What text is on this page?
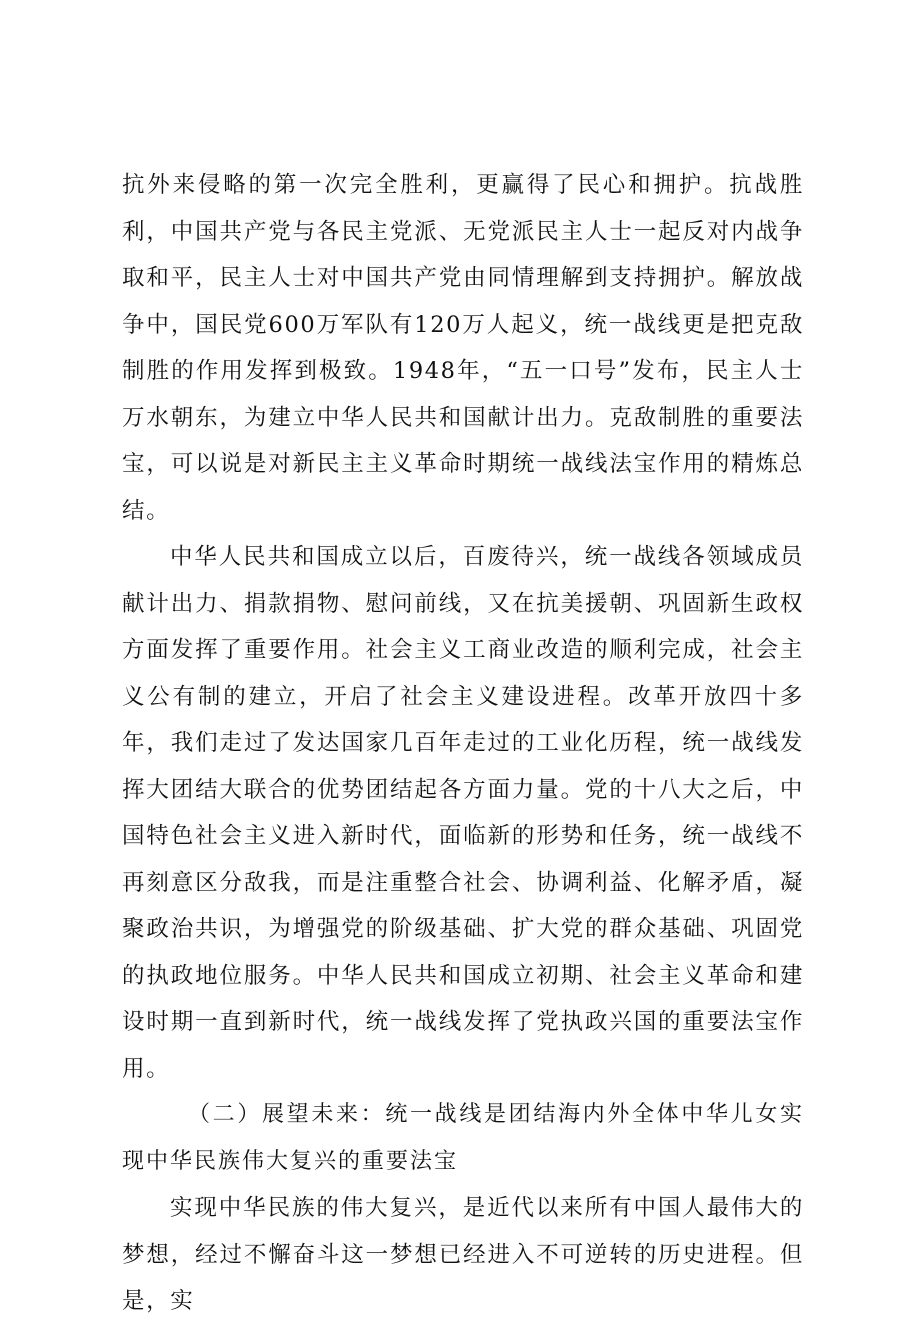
抗外来侵略的第一次完全胜利，更赢得了民心和拥护。抗战胜利，中国共产党与各民主党派、无党派民主人士一起反对内战争取和平，民主人士对中国共产党由同情理解到支持拥护。解放战争中，国民党600万军队有120万人起义，统一战线更是把克敌制胜的作用发挥到极致。1948年，“五一口号”发布，民主人士万水朝东，为建立中华人民共和国献计出力。克敌制胜的重要法宝，可以说是对新民主主义革命时期统一战线法宝作用的精炼总结。

中华人民共和国成立以后，百废待兴，统一战线各领域成员献计出力、捐款捐物、慰问前线，又在抗美援朝、巩固新生政权方面发挥了重要作用。社会主义工商业改造的顺利完成，社会主义公有制的建立，开启了社会主义建设进程。改革开放四十多年，我们走过了发达国家几百年走过的工业化历程，统一战线发挥大团结大联合的优势团结起各方面力量。党的十八大之后，中国特色社会主义进入新时代，面临新的形势和任务，统一战线不再刻意区分敌我，而是注重整合社会、协调利益、化解矛盾，凝聚政治共识，为增强党的阶级基础、扩大党的群众基础、巩固党的执政地位服务。中华人民共和国成立初期、社会主义革命和建设时期一直到新时代，统一战线发挥了党执政兴国的重要法宝作用。

（二）展望未来：统一战线是团结海内外全体中华儿女实现中华民族伟大复兴的重要法宝

实现中华民族的伟大复兴，是近代以来所有中国人最伟大的梦想，经过不懈奋斗这一梦想已经进入不可逆转的历史进程。但是，实
